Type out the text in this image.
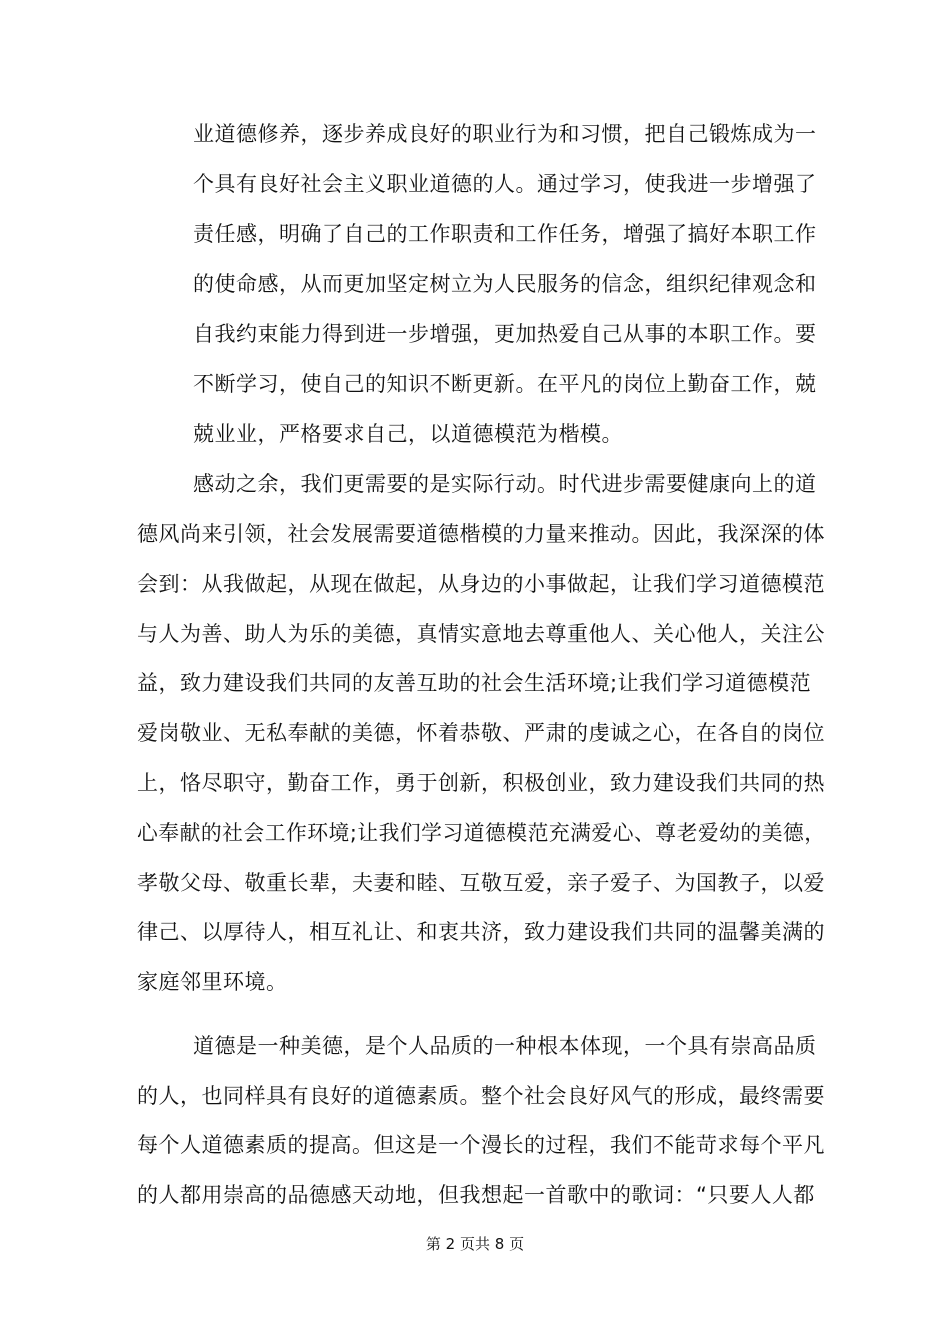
业道德修养，逐步养成良好的职业行为和习惯，把自己锻炼成为一
个具有良好社会主义职业道德的人。通过学习，使我进一步增强了
责任感，明确了自己的工作职责和工作任务，增强了搞好本职工作
的使命感，从而更加坚定树立为人民服务的信念，组织纪律观念和
自我约束能力得到进一步增强，更加热爱自己从事的本职工作。要
不断学习，使自己的知识不断更新。在平凡的岗位上勤奋工作，兢
兢业业，严格要求自己，以道德模范为楷模。
感动之余，我们更需要的是实际行动。时代进步需要健康向上的道
德风尚来引领，社会发展需要道德楷模的力量来推动。因此，我深深的体
会到：从我做起，从现在做起，从身边的小事做起，让我们学习道德模范
与人为善、助人为乐的美德，真情实意地去尊重他人、关心他人，关注公
益，致力建设我们共同的友善互助的社会生活环境;让我们学习道德模范
爱岗敬业、无私奉献的美德，怀着恭敬、严肃的虔诚之心，在各自的岗位
上，恪尽职守，勤奋工作，勇于创新，积极创业，致力建设我们共同的热
心奉献的社会工作环境;让我们学习道德模范充满爱心、尊老爱幼的美德，
孝敬父母、敬重长辈，夫妻和睦、互敬互爱，亲子爱子、为国教子，以爱
律己、以厚待人，相互礼让、和衷共济，致力建设我们共同的温馨美满的
家庭邻里环境。
道德是一种美德，是个人品质的一种根本体现，一个具有崇高品质
的人，也同样具有良好的道德素质。整个社会良好风气的形成，最终需要
每个人道德素质的提高。但这是一个漫长的过程，我们不能苛求每个平凡
的人都用崇高的品德感天动地，但我想起一首歌中的歌词：“只要人人都
第 2 页共 8 页
